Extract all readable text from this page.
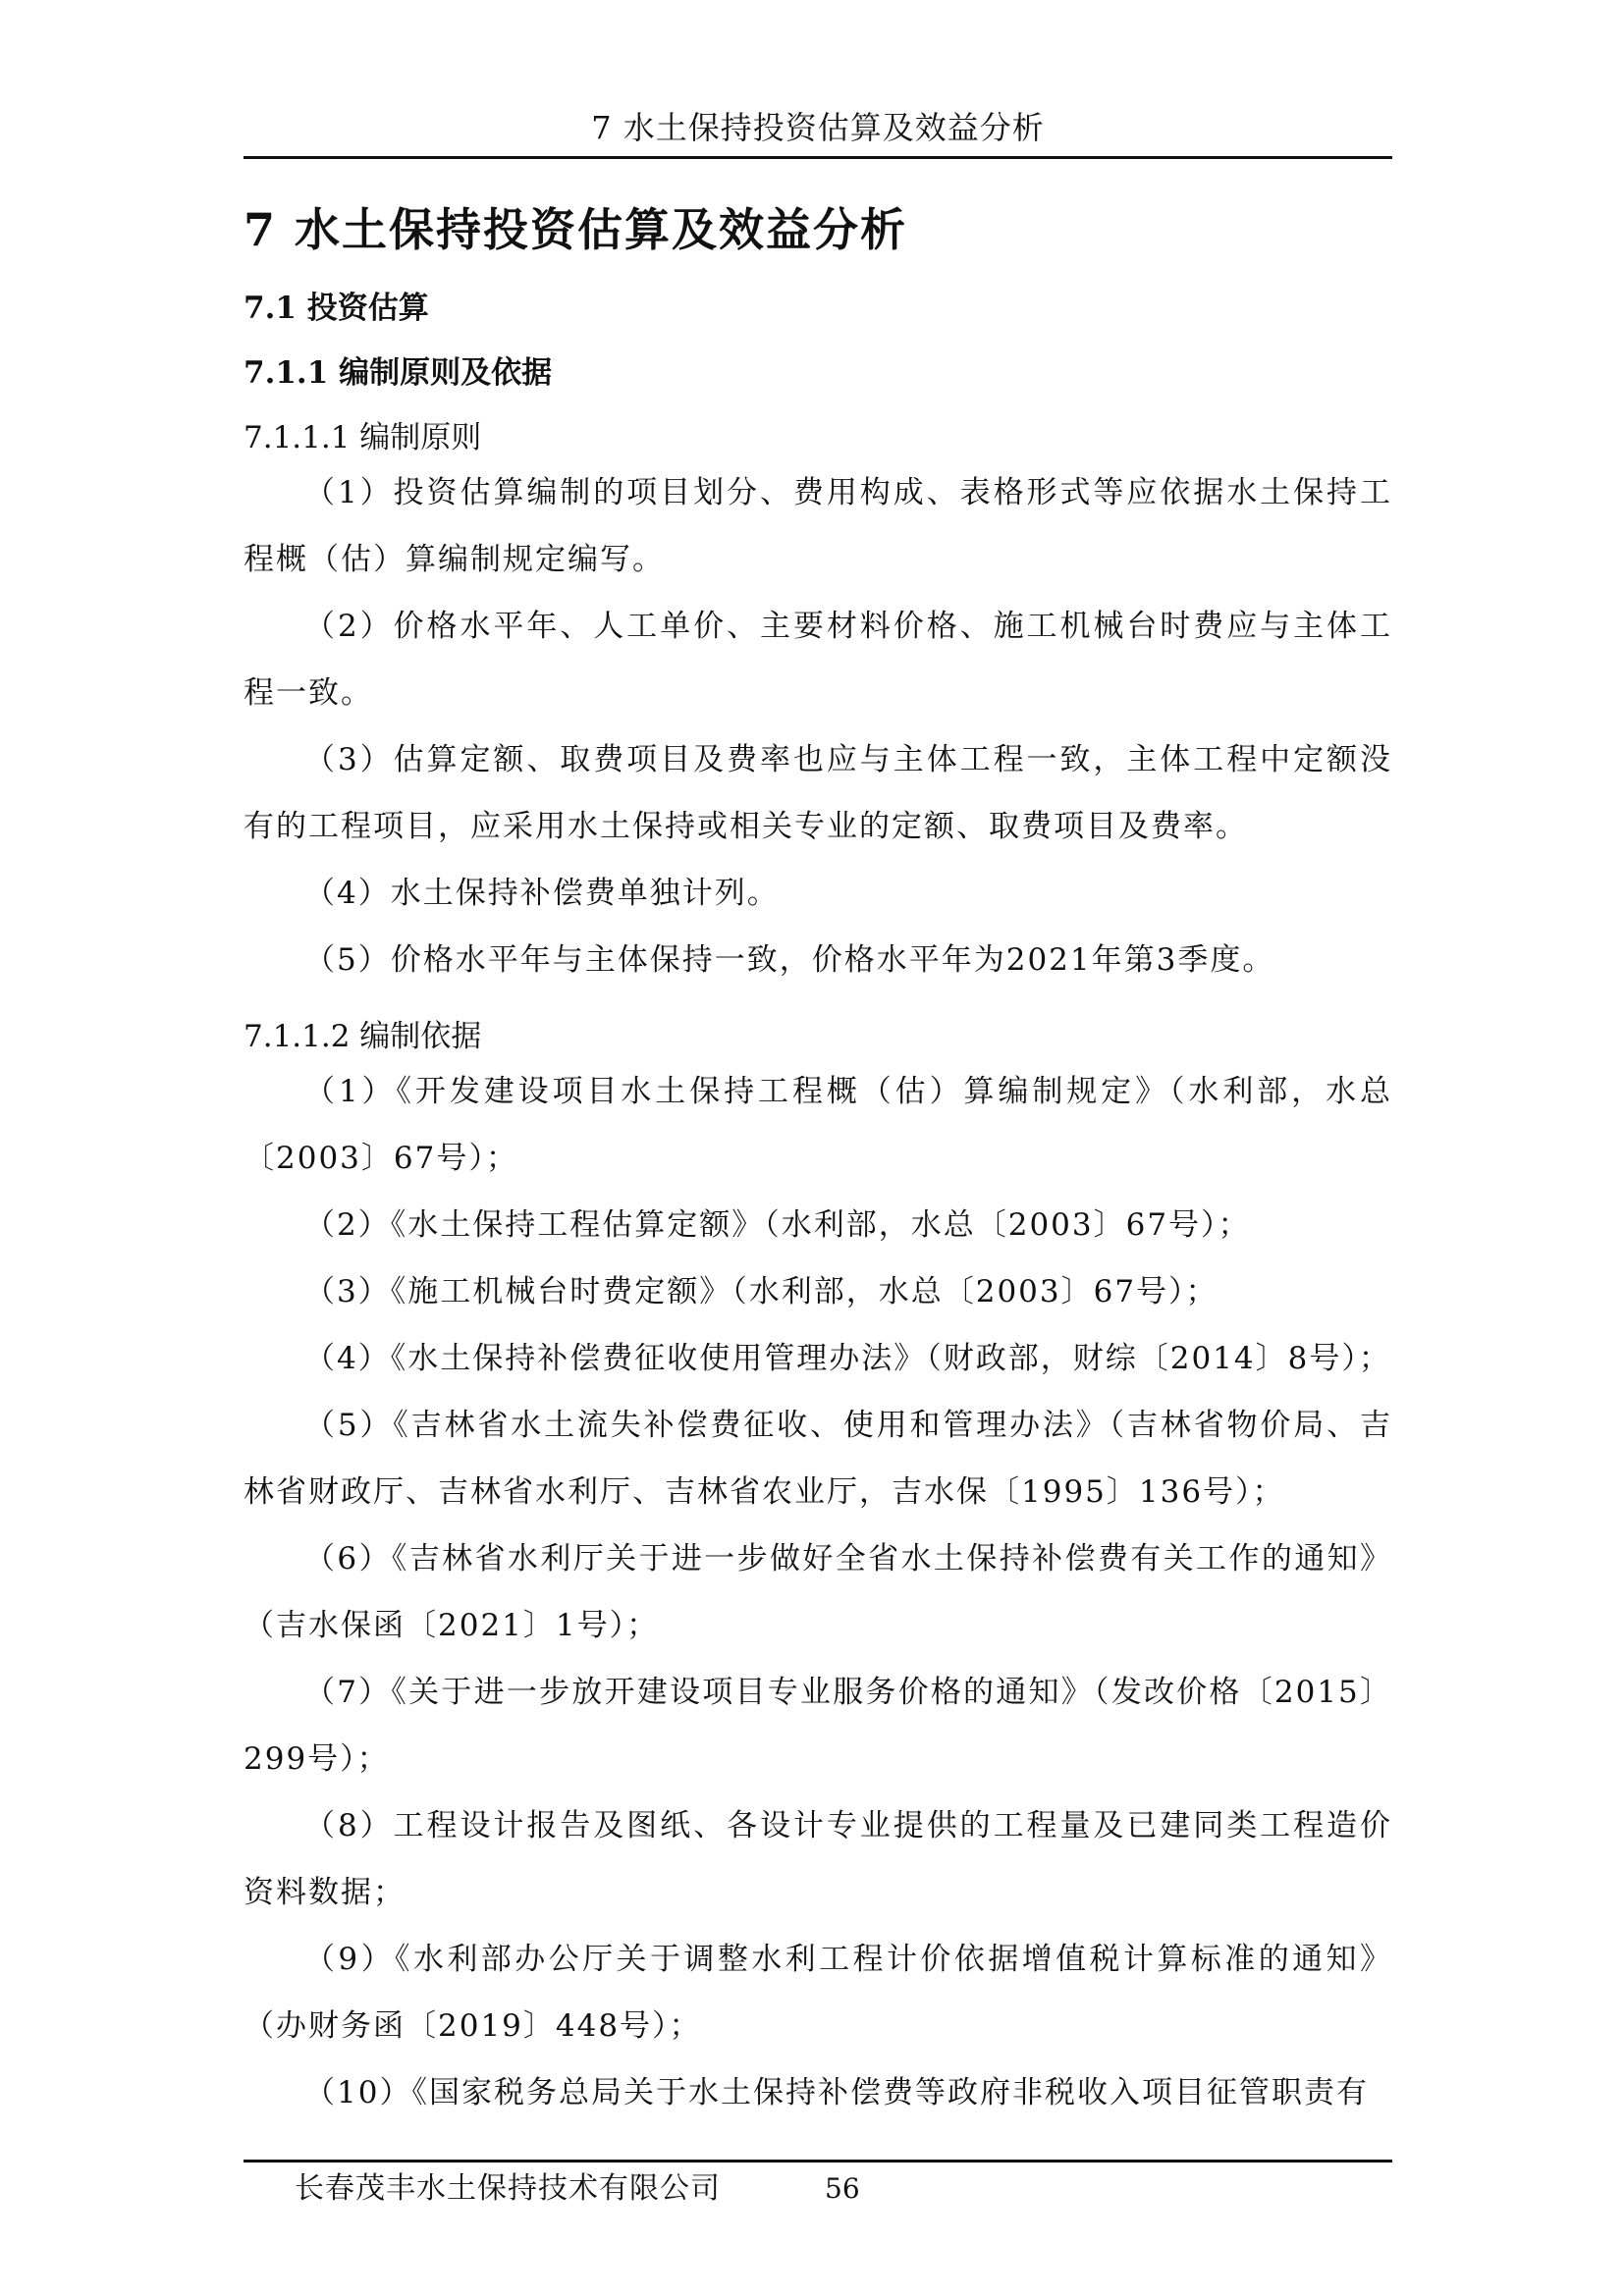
7 水土保持投资估算及效益分析
7 水土保持投资估算及效益分析
7.1 投资估算
7.1.1 编制原则及依据
7.1.1.1 编制原则

（1）投资估算编制的项目划分、费用构成、表格形式等应依据水土保持工程概（估）算编制规定编写。

（2）价格水平年、人工单价、主要材料价格、施工机械台时费应与主体工程一致。

（3）估算定额、取费项目及费率也应与主体工程一致，主体工程中定额没有的工程项目，应采用水土保持或相关专业的定额、取费项目及费率。

（4）水土保持补偿费单独计列。

（5）价格水平年与主体保持一致，价格水平年为2021年第3季度。

7.1.1.2 编制依据

（1）《开发建设项目水土保持工程概（估）算编制规定》（水利部，水总〔2003〕67号）；

（2）《水土保持工程估算定额》（水利部，水总〔2003〕67号）；

（3）《施工机械台时费定额》（水利部，水总〔2003〕67号）；

（4）《水土保持补偿费征收使用管理办法》（财政部，财综〔2014〕8号）；

（5）《吉林省水土流失补偿费征收、使用和管理办法》（吉林省物价局、吉林省财政厅、吉林省水利厅、吉林省农业厅，吉水保〔1995〕136号）；

（6）《吉林省水利厅关于进一步做好全省水土保持补偿费有关工作的通知》（吉水保函〔2021〕1号）；

（7）《关于进一步放开建设项目专业服务价格的通知》（发改价格〔2015〕299号）；

（8）工程设计报告及图纸、各设计专业提供的工程量及已建同类工程造价资料数据；

（9）《水利部办公厅关于调整水利工程计价依据增值税计算标准的通知》（办财务函〔2019〕448号）；

（10）《国家税务总局关于水土保持补偿费等政府非税收入项目征管职责有

长春茂丰水土保持技术有限公司	56
